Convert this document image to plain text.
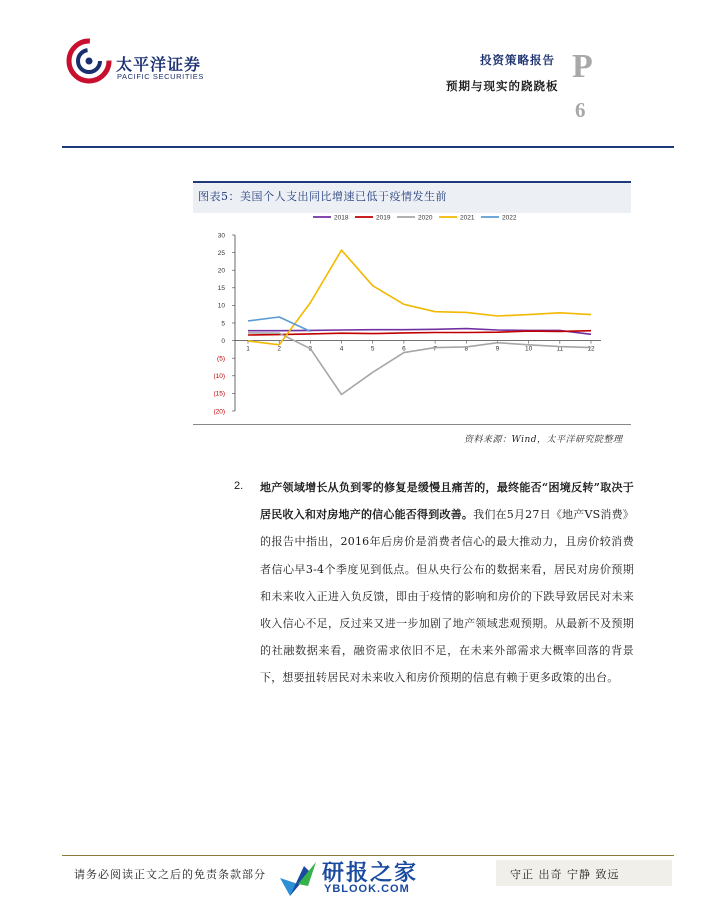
太平洋证券
PACIFIC SECURITIES
投资策略报告
预期与现实的跷跷板
P
6
图表5：美国个人支出同比增速已低于疫情发生前
2018	2019	2020	2021	2022
30
25
20
15
10
5
0
(5)
(10)
(15)
(20)
1	2	3	4	5	6	7	8	9	10	11	12
资料来源：Wind，太平洋研究院整理
2. 地产领域增长从负到零的修复是缓慢且痛苦的，最终能否“困境反转”取决于居民收入和对房地产的信心能否得到改善。我们在5月27日《地产VS消费》的报告中指出，2016年后房价是消费者信心的最大推动力，且房价较消费者信心早3-4个季度见到低点。但从央行公布的数据来看，居民对房价预期和未来收入正进入负反馈，即由于疫情的影响和房价的下跌导致居民对未来收入信心不足，反过来又进一步加剧了地产领域悲观预期。从最新不及预期的社融数据来看，融资需求依旧不足，在未来外部需求大概率回落的背景下，想要扭转居民对未来收入和房价预期的信息有赖于更多政策的出台。
请务必阅读正文之后的免责条款部分	研报之家
YBLOOK.COM
守正 出奇 宁静 致远
